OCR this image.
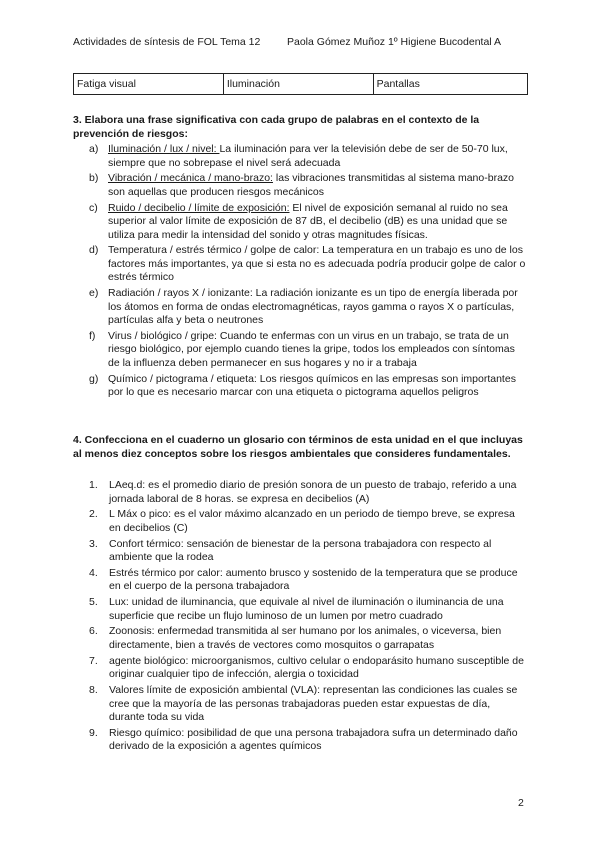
Actividades de síntesis de FOL Tema 12	Paola Gómez Muñoz 1º Higiene Bucodental A
Fatiga visual	Iluminación	Pantallas
3. Elabora una frase significativa con cada grupo de palabras en el contexto de la prevención de riesgos:
a) Iluminación / lux / nivel: La iluminación para ver la televisión debe de ser de 50-70 lux, siempre que no sobrepase el nivel será adecuada
b) Vibración / mecánica / mano-brazo: las vibraciones transmitidas al sistema mano-brazo son aquellas que producen riesgos mecánicos
c) Ruido / decibelio / límite de exposición: El nivel de exposición semanal al ruido no sea superior al valor límite de exposición de 87 dB, el decibelio (dB) es una unidad que se utiliza para medir la intensidad del sonido y otras magnitudes físicas.
d) Temperatura / estrés térmico / golpe de calor: La temperatura en un trabajo es uno de los factores más importantes, ya que si esta no es adecuada podría producir golpe de calor o estrés térmico
e) Radiación / rayos X / ionizante: La radiación ionizante es un tipo de energía liberada por los átomos en forma de ondas electromagnéticas, rayos gamma o rayos X o partículas, partículas alfa y beta o neutrones
f) Virus / biológico / gripe: Cuando te enfermas con un virus en un trabajo, se trata de un riesgo biológico, por ejemplo cuando tienes la gripe, todos los empleados con síntomas de la influenza deben permanecer en sus hogares y no ir a trabaja
g) Químico / pictograma / etiqueta: Los riesgos químicos en las empresas son importantes por lo que es necesario marcar con una etiqueta o pictograma aquellos peligros
4. Confecciona en el cuaderno un glosario con términos de esta unidad en el que incluyas al menos diez conceptos sobre los riesgos ambientales que consideres fundamentales.
1. LAeq.d: es el promedio diario de presión sonora de un puesto de trabajo, referido a una jornada laboral de 8 horas. se expresa en decibelios (A)
2. L Máx o pico: es el valor máximo alcanzado en un periodo de tiempo breve, se expresa en decibelios (C)
3. Confort térmico: sensación de bienestar de la persona trabajadora con respecto al ambiente que la rodea
4. Estrés térmico por calor: aumento brusco y sostenido de la temperatura que se produce en el cuerpo de la persona trabajadora
5. Lux: unidad de iluminancia, que equivale al nivel de iluminación o iluminancia de una superficie que recibe un flujo luminoso de un lumen por metro cuadrado
6. Zoonosis: enfermedad transmitida al ser humano por los animales, o viceversa, bien directamente, bien a través de vectores como mosquitos o garrapatas
7. agente biológico: microorganismos, cultivo celular o endoparásito humano susceptible de originar cualquier tipo de infección, alergia o toxicidad
8. Valores límite de exposición ambiental (VLA): representan las condiciones las cuales se cree que la mayoría de las personas trabajadoras pueden estar expuestas de día, durante toda su vida
9. Riesgo químico: posibilidad de que una persona trabajadora sufra un determinado daño derivado de la exposición a agentes químicos
2
